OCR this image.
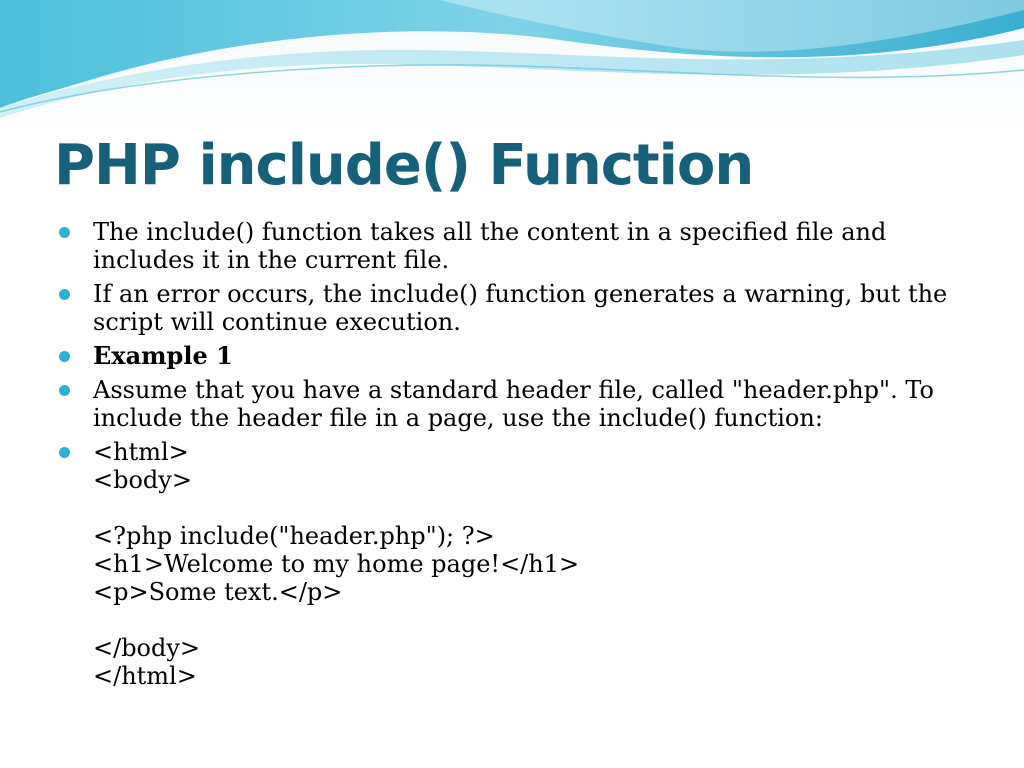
PHP include() Function
The include() function takes all the content in a specified file and includes it in the current file.
If an error occurs, the include() function generates a warning, but the script will continue execution.
Example 1
Assume that you have a standard header file, called "header.php". To include the header file in a page, use the include() function:
<html>
<body>
<?php include("header.php"); ?>
<h1>Welcome to my home page!</h1>
<p>Some text.</p>
</body>
</html>
